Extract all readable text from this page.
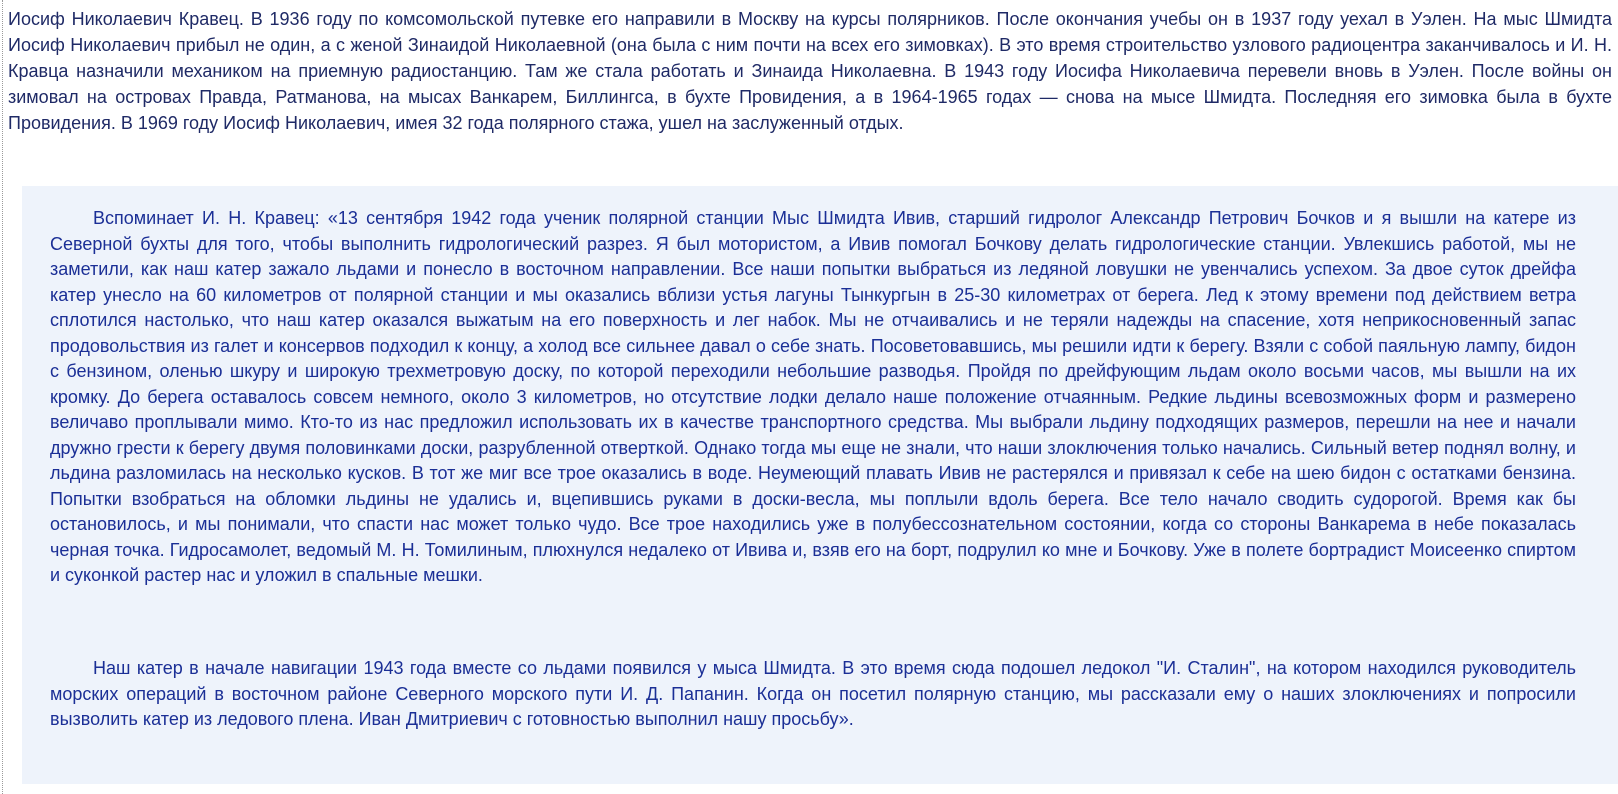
Иосиф Николаевич Кравец. В 1936 году по комсомольской путевке его направили в Москву на курсы полярников. После окончания учебы он в 1937 году уехал в Уэлен. На мыс Шмидта Иосиф Николаевич прибыл не один, а с женой Зинаидой Николаевной (она была с ним почти на всех его зимовках). В это время строительство узлового радиоцентра заканчивалось и И. Н. Кравца назначили механиком на приемную радиостанцию. Там же стала работать и Зинаида Николаевна. В 1943 году Иосифа Николаевича перевели вновь в Уэлен. После войны он зимовал на островах Правда, Ратманова, на мысах Ванкарем, Биллингса, в бухте Провидения, а в 1964-1965 годах — снова на мысе Шмидта. Последняя его зимовка была в бухте Провидения. В 1969 году Иосиф Николаевич, имея 32 года полярного стажа, ушел на заслуженный отдых.

Вспоминает И. Н. Кравец: «13 сентября 1942 года ученик полярной станции Мыс Шмидта Ивив, старший гидролог Александр Петрович Бочков и я вышли на катере из Северной бухты для того, чтобы выполнить гидрологический разрез. Я был мотористом, а Ивив помогал Бочкову делать гидрологические станции. Увлекшись работой, мы не заметили, как наш катер зажало льдами и понесло в восточном направлении. Все наши попытки выбраться из ледяной ловушки не увенчались успехом. За двое суток дрейфа катер унесло на 60 километров от полярной станции и мы оказались вблизи устья лагуны Тынкургын в 25-30 километрах от берега. Лед к этому времени под действием ветра сплотился настолько, что наш катер оказался выжатым на его поверхность и лег набок. Мы не отчаивались и не теряли надежды на спасение, хотя неприкосновенный запас продовольствия из галет и консервов подходил к концу, а холод все сильнее давал о себе знать. Посоветовавшись, мы решили идти к берегу. Взяли с собой паяльную лампу, бидон с бензином, оленью шкуру и широкую трехметровую доску, по которой переходили небольшие разводья. Пройдя по дрейфующим льдам около восьми часов, мы вышли на их кромку. До берега оставалось совсем немного, около 3 километров, но отсутствие лодки делало наше положение отчаянным. Редкие льдины всевозможных форм и размерено величаво проплывали мимо. Кто-то из нас предложил использовать их в качестве транспортного средства. Мы выбрали льдину подходящих размеров, перешли на нее и начали дружно грести к берегу двумя половинками доски, разрубленной отверткой. Однако тогда мы еще не знали, что наши злоключения только начались. Сильный ветер поднял волну, и льдина разломилась на несколько кусков. В тот же миг все трое оказались в воде. Неумеющий плавать Ивив не растерялся и привязал к себе на шею бидон с остатками бензина. Попытки взобраться на обломки льдины не удались и, вцепившись руками в доски-весла, мы поплыли вдоль берега. Все тело начало сводить судорогой. Время как бы остановилось, и мы понимали, что спасти нас может только чудо. Все трое находились уже в полубессознательном состоянии, когда со стороны Ванкарема в небе показалась черная точка. Гидросамолет, ведомый М. Н. Томилиным, плюхнулся недалеко от Ивива и, взяв его на борт, подрулил ко мне и Бочкову. Уже в полете бортрадист Моисеенко спиртом и суконкой растер нас и уложил в спальные мешки.

Наш катер в начале навигации 1943 года вместе со льдами появился у мыса Шмидта. В это время сюда подошел ледокол "И. Сталин", на котором находился руководитель морских операций в восточном районе Северного морского пути И. Д. Папанин. Когда он посетил полярную станцию, мы рассказали ему о наших злоключениях и попросили вызволить катер из ледового плена. Иван Дмитриевич с готовностью выполнил нашу просьбу».
